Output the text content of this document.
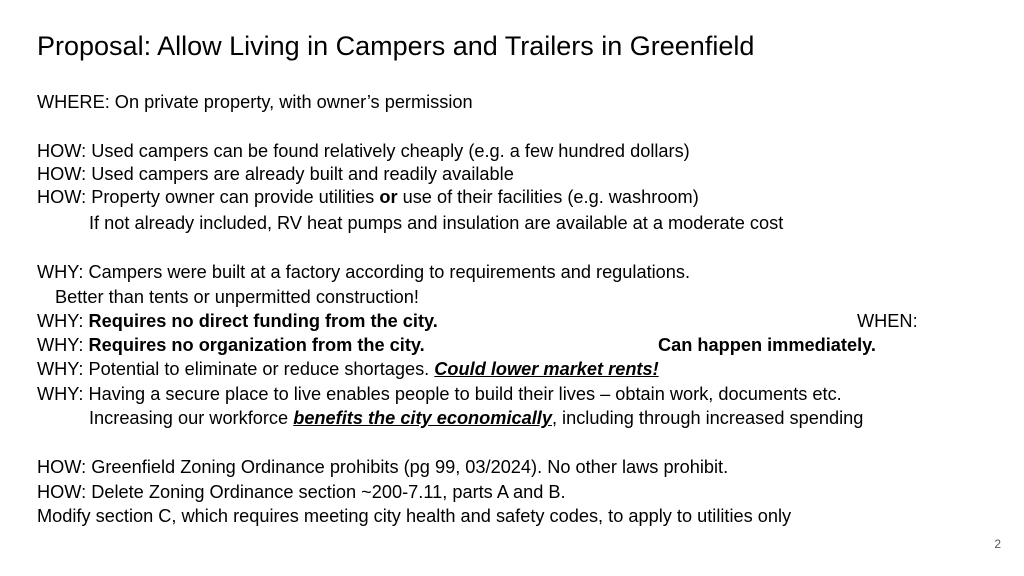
Proposal: Allow Living in Campers and Trailers in Greenfield
WHERE: On private property, with owner’s permission
HOW: Used campers can be found relatively cheaply (e.g. a few hundred dollars)
HOW: Used campers are already built and readily available
HOW: Property owner can provide utilities or use of their facilities (e.g. washroom)
If not already included, RV heat pumps and insulation are available at a moderate cost
WHY: Campers were built at a factory according to requirements and regulations.
Better than tents or unpermitted construction!
WHY: Requires no direct funding from the city.
WHY: Requires no organization from the city.
WHY: Potential to eliminate or reduce shortages. Could lower market rents!
WHY: Having a secure place to live enables people to build their lives – obtain work, documents etc.
Increasing our workforce benefits the city economically, including through increased spending
WHEN:
Can happen immediately.
HOW: Greenfield Zoning Ordinance prohibits (pg 99, 03/2024). No other laws prohibit.
HOW: Delete Zoning Ordinance section ~200-7.11, parts A and B.
Modify section C, which requires meeting city health and safety codes, to apply to utilities only
2
